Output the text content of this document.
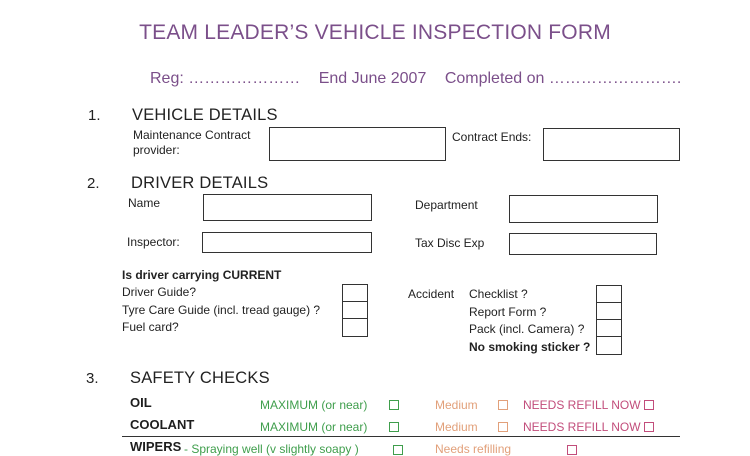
TEAM LEADER’S VEHICLE INSPECTION FORM
Reg: ………………… End June 2007 Completed on …………………….
1. VEHICLE DETAILS
Maintenance Contract
provider:
Contract Ends:
2. DRIVER DETAILS
Name	Department
Inspector:	Tax Disc Exp
Is driver carrying CURRENT
Driver Guide?
Tyre Care Guide (incl. tread gauge) ?
Fuel card?
Accident Checklist ?
Report Form ?
Pack (incl. Camera) ?
No smoking sticker ?
3. SAFETY CHECKS
OIL	MAXIMUM (or near)	Medium	NEEDS REFILL NOW
COOLANT	MAXIMUM (or near)	Medium	NEEDS REFILL NOW
WIPERS - Spraying well (v slightly soapy )	Needs refilling
